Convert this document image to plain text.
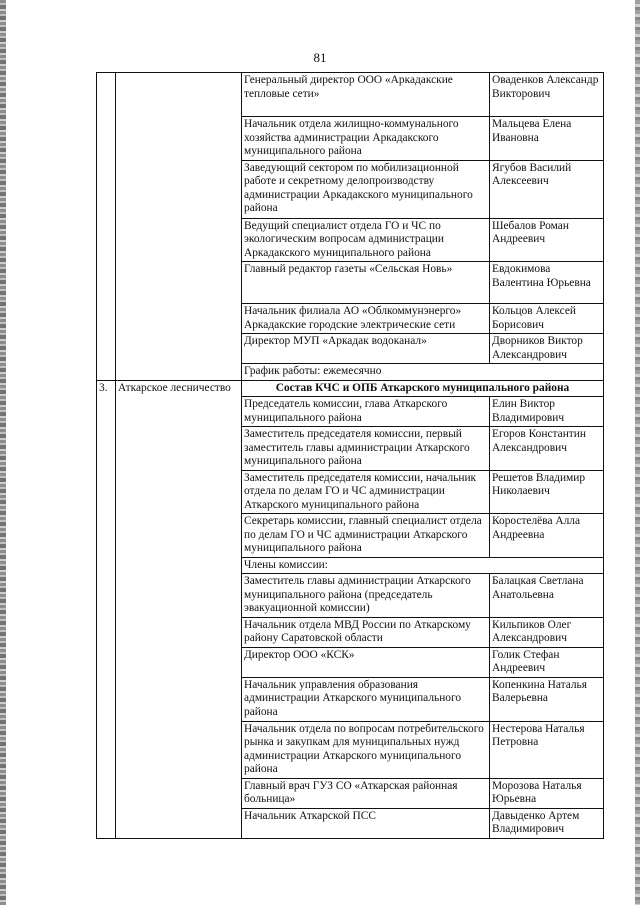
81
		Генеральный директор ООО «Аркадакские тепловые сети»	Оваденков Александр Викторович
		Начальник отдела жилищно-коммунального хозяйства администрации Аркадакского муниципального района	Мальцева Елена Ивановна
		Заведующий сектором по мобилизационной работе и секретному делопроизводству администрации Аркадакского муниципального района	Ягубов Василий Алексеевич
		Ведущий специалист отдела ГО и ЧС по экологическим вопросам администрации Аркадакского муниципального района	Шебалов Роман Андреевич
		Главный редактор газеты «Сельская Новь»	Евдокимова Валентина Юрьевна
		Начальник филиала АО «Облкоммунэнерго» Аркадакские городские электрические сети	Кольцов Алексей Борисович
		Директор МУП «Аркадак водоканал»	Дворников Виктор Александрович
		График работы: ежемесячно	
3.	Аткарское лесничество	Состав КЧС и ОПБ Аткарского муниципального района	
		Председатель комиссии, глава Аткарского муниципального района	Елин Виктор Владимирович
		Заместитель председателя комиссии, первый заместитель главы администрации Аткарского муниципального района	Егоров Константин Александрович
		Заместитель председателя комиссии, начальник отдела по делам ГО и ЧС администрации Аткарского муниципального района	Решетов Владимир Николаевич
		Секретарь комиссии, главный специалист отдела по делам ГО и ЧС администрации Аткарского муниципального района	Коростелёва Алла Андреевна
		Члены комиссии:	
		Заместитель главы администрации Аткарского муниципального района (председатель эвакуационной комиссии)	Балацкая Светлана Анатольевна
		Начальник отдела МВД России по Аткарскому району Саратовской области	Кильпиков Олег Александрович
		Директор ООО «КСК»	Голик Стефан Андреевич
		Начальник управления образования администрации Аткарского муниципального района	Копенкина Наталья Валерьевна
		Начальник отдела по вопросам потребительского рынка и закупкам для муниципальных нужд администрации Аткарского муниципального района	Нестерова Наталья Петровна
		Главный врач ГУЗ СО «Аткарская районная больница»	Морозова Наталья Юрьевна
		Начальник Аткарской ПСС	Давыденко Артем Владимирович
